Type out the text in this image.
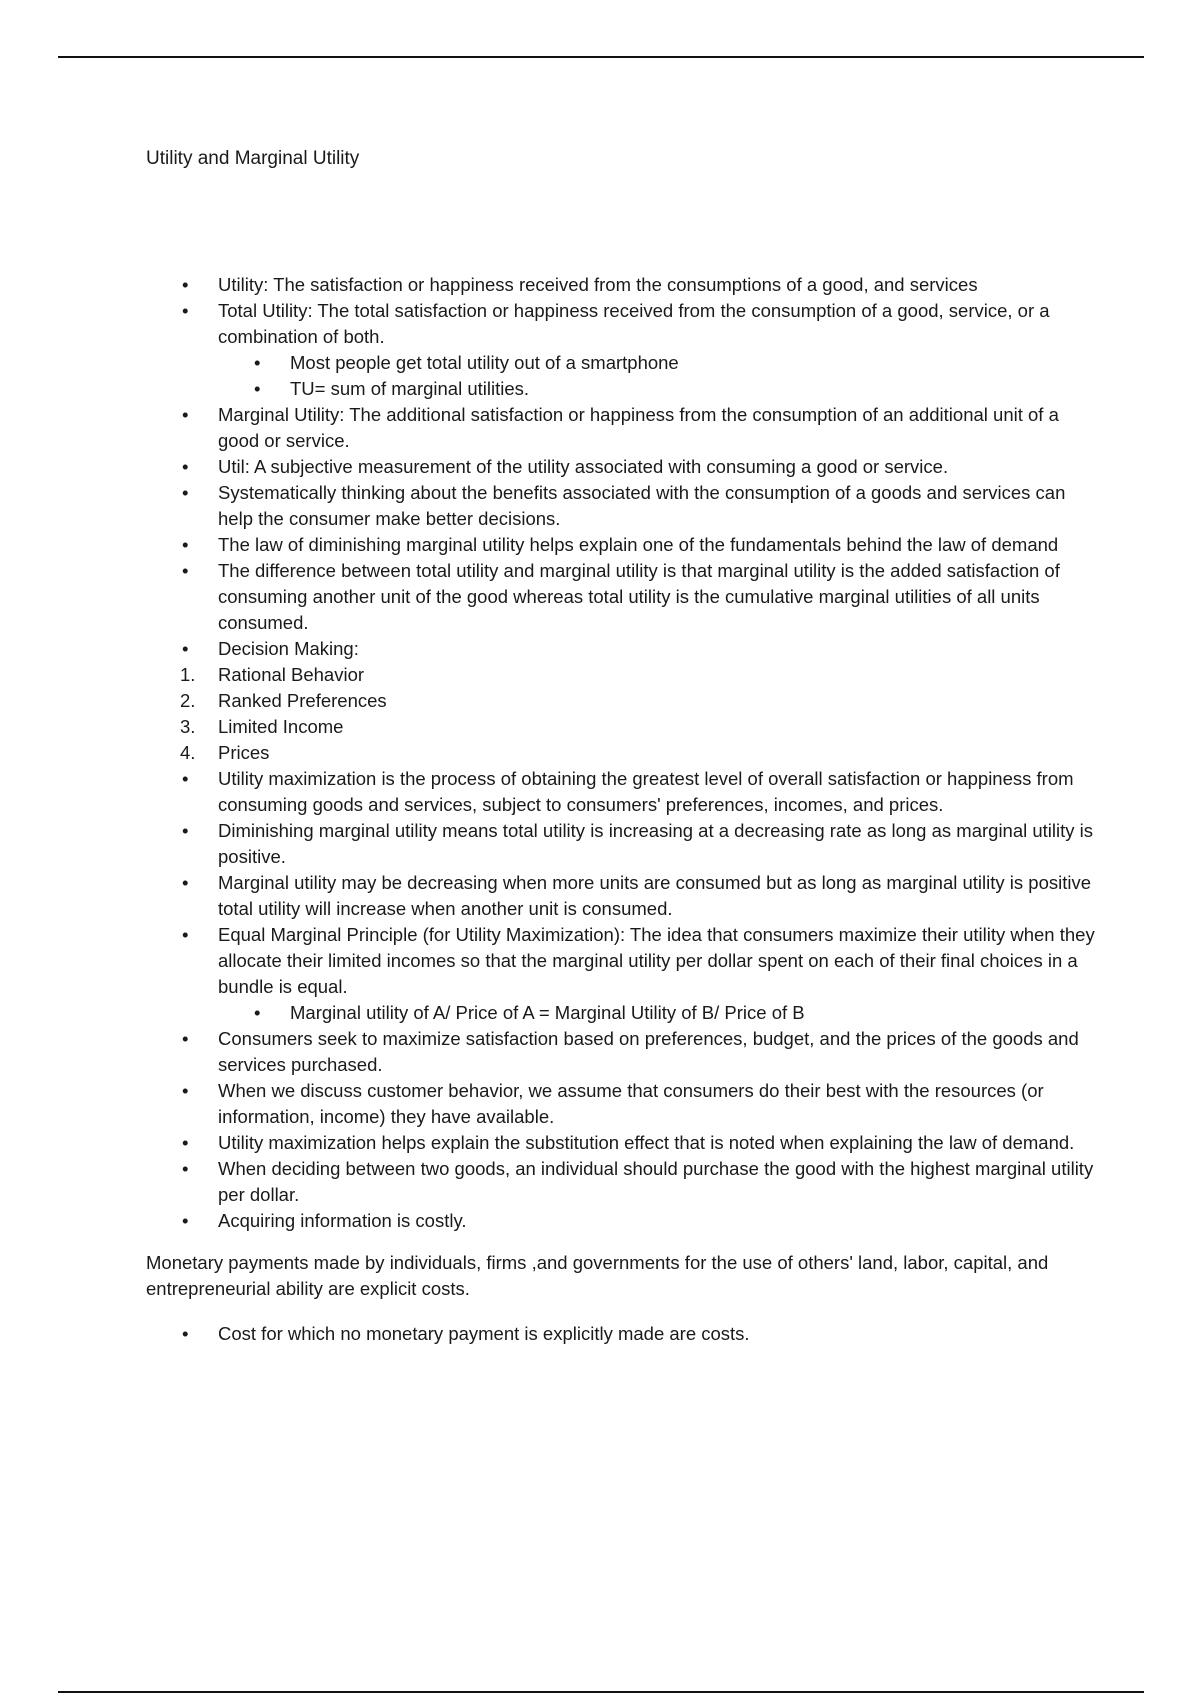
Utility and Marginal Utility
• Utility: The satisfaction or happiness received from the consumptions of a good, and services
• Total Utility: The total satisfaction or happiness received from the consumption of a good, service, or a combination of both.
• Most people get total utility out of a smartphone
• TU= sum of marginal utilities.
• Marginal Utility: The additional satisfaction or happiness from the consumption of an additional unit of a good or service.
• Util: A subjective measurement of the utility associated with consuming a good or service.
• Systematically thinking about the benefits associated with the consumption of a goods and services can help the consumer make better decisions.
• The law of diminishing marginal utility helps explain one of the fundamentals behind the law of demand
• The difference between total utility and marginal utility is that marginal utility is the added satisfaction of consuming another unit of the good whereas total utility is the cumulative marginal utilities of all units consumed.
• Decision Making:
1. Rational Behavior
2. Ranked Preferences
3. Limited Income
4. Prices
• Utility maximization is the process of obtaining the greatest level of overall satisfaction or happiness from consuming goods and services, subject to consumers' preferences, incomes, and prices.
• Diminishing marginal utility means total utility is increasing at a decreasing rate as long as marginal utility is positive.
• Marginal utility may be decreasing when more units are consumed but as long as marginal utility is positive total utility will increase when another unit is consumed.
• Equal Marginal Principle (for Utility Maximization): The idea that consumers maximize their utility when they allocate their limited incomes so that the marginal utility per dollar spent on each of their final choices in a bundle is equal.
• Marginal utility of A/ Price of A = Marginal Utility of B/ Price of B
• Consumers seek to maximize satisfaction based on preferences, budget, and the prices of the goods and services purchased.
• When we discuss customer behavior, we assume that consumers do their best with the resources (or information, income) they have available.
• Utility maximization helps explain the substitution effect that is noted when explaining the law of demand.
• When deciding between two goods, an individual should purchase the good with the highest marginal utility per dollar.
• Acquiring information is costly.

Monetary payments made by individuals, firms ,and governments for the use of others' land, labor, capital, and entrepreneurial ability are explicit costs.

• Cost for which no monetary payment is explicitly made are costs.
